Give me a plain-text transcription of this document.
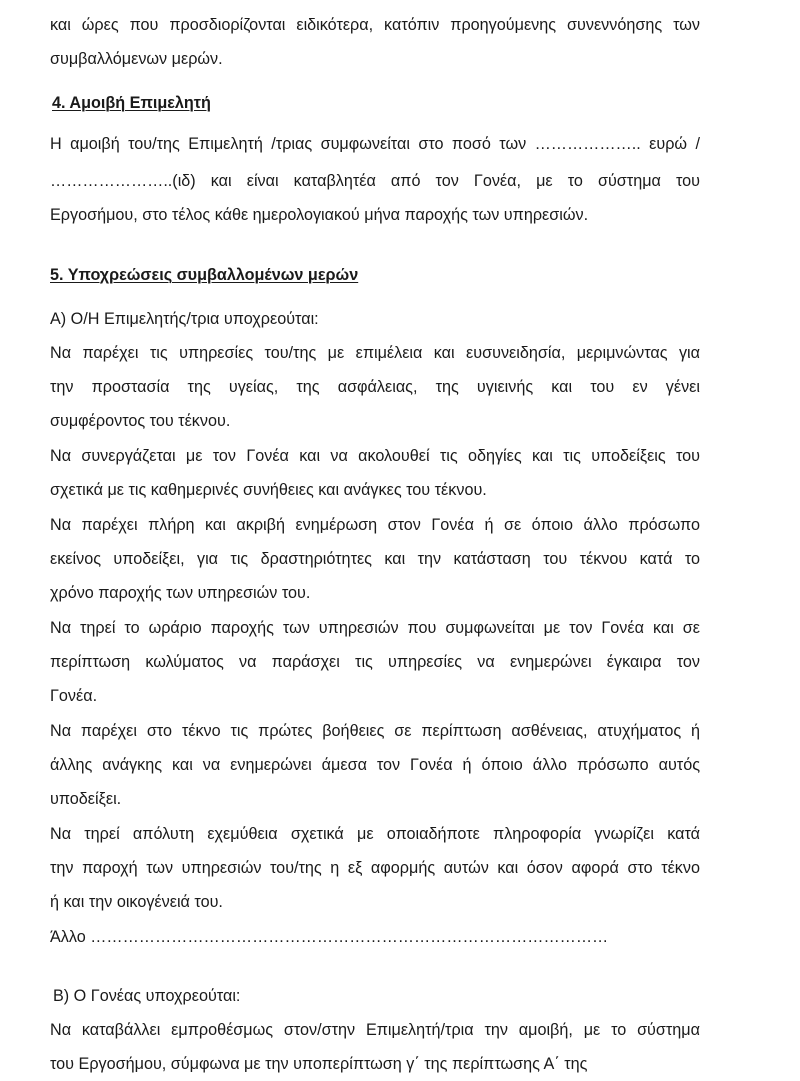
και ώρες που προσδιορίζονται ειδικότερα, κατόπιν προηγούμενης συνεννόησης των
συμβαλλόμενων μερών.
4. Αμοιβή Επιμελητή
Η αμοιβή του/της Επιμελητή /τριας συμφωνείται στο ποσό των ……………….. ευρώ /
…………………..(ιδ) και είναι καταβλητέα από τον Γονέα, με το σύστημα του
Εργοσήμου, στο τέλος κάθε ημερολογιακού μήνα παροχής των υπηρεσιών.
5. Υποχρεώσεις συμβαλλομένων μερών
Α) Ο/Η Επιμελητής/τρια υποχρεούται:
Να παρέχει τις υπηρεσίες του/της με επιμέλεια και ευσυνειδησία, μεριμνώντας για
την προστασία της υγείας, της ασφάλειας, της υγιεινής και του εν γένει
συμφέροντος του τέκνου.
Να συνεργάζεται με τον Γονέα και να ακολουθεί τις οδηγίες και τις υποδείξεις του
σχετικά με τις καθημερινές συνήθειες και ανάγκες του τέκνου.
Να παρέχει πλήρη και ακριβή ενημέρωση στον Γονέα ή σε όποιο άλλο πρόσωπο
εκείνος υποδείξει, για τις δραστηριότητες και την κατάσταση του τέκνου κατά το
χρόνο παροχής των υπηρεσιών του.
Να τηρεί το ωράριο παροχής των υπηρεσιών που συμφωνείται με τον Γονέα και σε
περίπτωση κωλύματος να παράσχει τις υπηρεσίες να ενημερώνει έγκαιρα τον
Γονέα.
Να παρέχει στο τέκνο τις πρώτες βοήθειες σε περίπτωση ασθένειας, ατυχήματος ή
άλλης ανάγκης και να ενημερώνει άμεσα τον Γονέα ή όποιο άλλο πρόσωπο αυτός
υποδείξει.
Να τηρεί απόλυτη εχεμύθεια σχετικά με οποιαδήποτε πληροφορία γνωρίζει κατά
την παροχή των υπηρεσιών του/της η εξ αφορμής αυτών και όσον αφορά στο τέκνο
ή και την οικογένειά του.
Άλλο ……………………………………………………………………………………
Β) Ο Γονέας υποχρεούται:
Να καταβάλλει εμπροθέσμως στον/στην Επιμελητή/τρια την αμοιβή, με το σύστημα
του Εργοσήμου, σύμφωνα με την υποπερίπτωση γ΄ της περίπτωσης Α΄ της
